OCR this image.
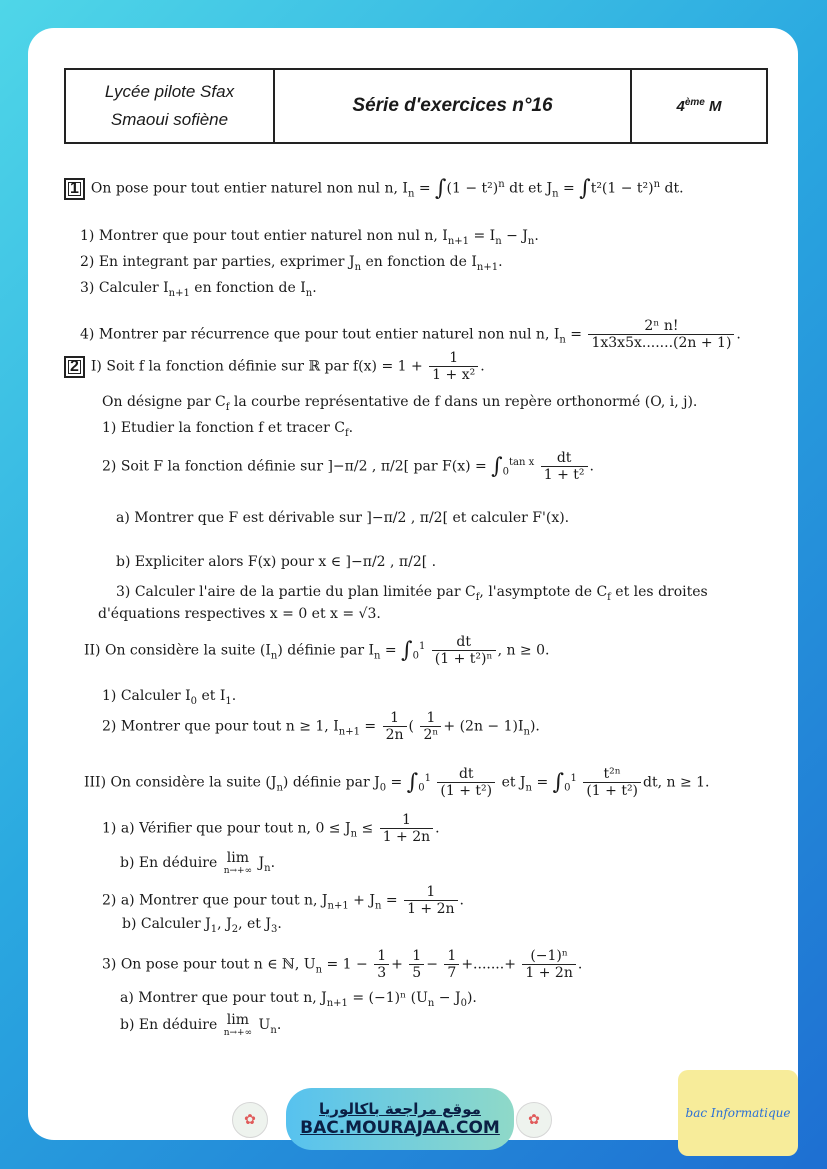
Lycée pilote Sfax
Smaoui sofiène
Série d'exercices n°16	4ème M
1 On pose pour tout entier naturel non nul n, $I_n = \int(1 - t^2)^n$ dt et $J_n = \int t^2(1 - t^2)^n$ dt.
1) Montrer que pour tout entier naturel non nul n, $I_{n+1} = I_n - J_n$.
2) En integrant par parties, exprimer $J_n$ en fonction de $I_{n+1}$.
3) Calculer $I_{n+1}$ en fonction de $I_n$.
4) Montrer par récurrence que pour tout entier naturel non nul n, $I_n = \frac{\text{2ⁿ n!}}{1x3x5x.......(2n + 1)}$ .
2 I) Soit f la fonction définie sur ℝ par $f(x) = 1 + \frac{1}{\text{1 + x²}}$ .
On désigne par $C_f$ la courbe représentative de f dans un repère orthonormé (O, i, j).
1) Etudier la fonction f et tracer $C_f$.
2) Soit F la fonction définie sur ]−π/2 , π/2[ par $F(x) = \int_0^{tan x} \frac{dt}{\text{1 + t²}}$ .
a) Montrer que F est dérivable sur ]−π/2 , π/2[ et calculer F'(x).
b) Expliciter alors F(x) pour x ∈ ]−π/2 , π/2[ .
3) Calculer l'aire de la partie du plan limitée par $C_f$, l'asymptote de $C_f$ et les droites
d'équations respectives x = 0 et x = √3.
II) On considère la suite $(I_n)$ définie par $I_n = \int_0^1 \frac{dt}{\text{(1 + t²)ⁿ}}$ , n ≥ 0.
1) Calculer $I_0$ et $I_1$.
2) Montrer que pour tout n ≥ 1, $I_{n+1} = \frac{1}{2n}$ ( $\frac{1}{\text{2ⁿ}} + (2n - 1)I_n$).
III) On considère la suite $(J_n)$ définie par $J_0 = \int_0^1 \frac{dt}{\text{(1 + t²)}}$ et $J_n = \int_0^1 \frac{\text{t²ⁿ}}{\text{(1 + t²)}}$ dt, n ≥ 1.
1) a) Vérifier que pour tout n, $0 \le J_n \le \frac{1}{1 + 2n}$ .
b) En déduire lim
n→+∞ $J_n$.
2) a) Montrer que pour tout n, $J_{n+1} + J_n = \frac{1}{1 + 2n}$ .
b) Calculer $J_1$, $J_2$, et $J_3$.
3) On pose pour tout n ∈ ℕ, $U_n = 1 - \frac{1}{3} + \frac{1}{5} - \frac{1}{7}$ +.......+ $\frac{\text{(−1)ⁿ}}{1 + 2n}$ .
a) Montrer que pour tout n, $J_{n+1} = (-1)^n$ $(U_n - J_0)$.
b) En déduire lim
n→+∞ $U_n$.
✿
موقع مراجعة باكالوريا
BAC.MOURAJAA.COM	✿	bac Informatique
